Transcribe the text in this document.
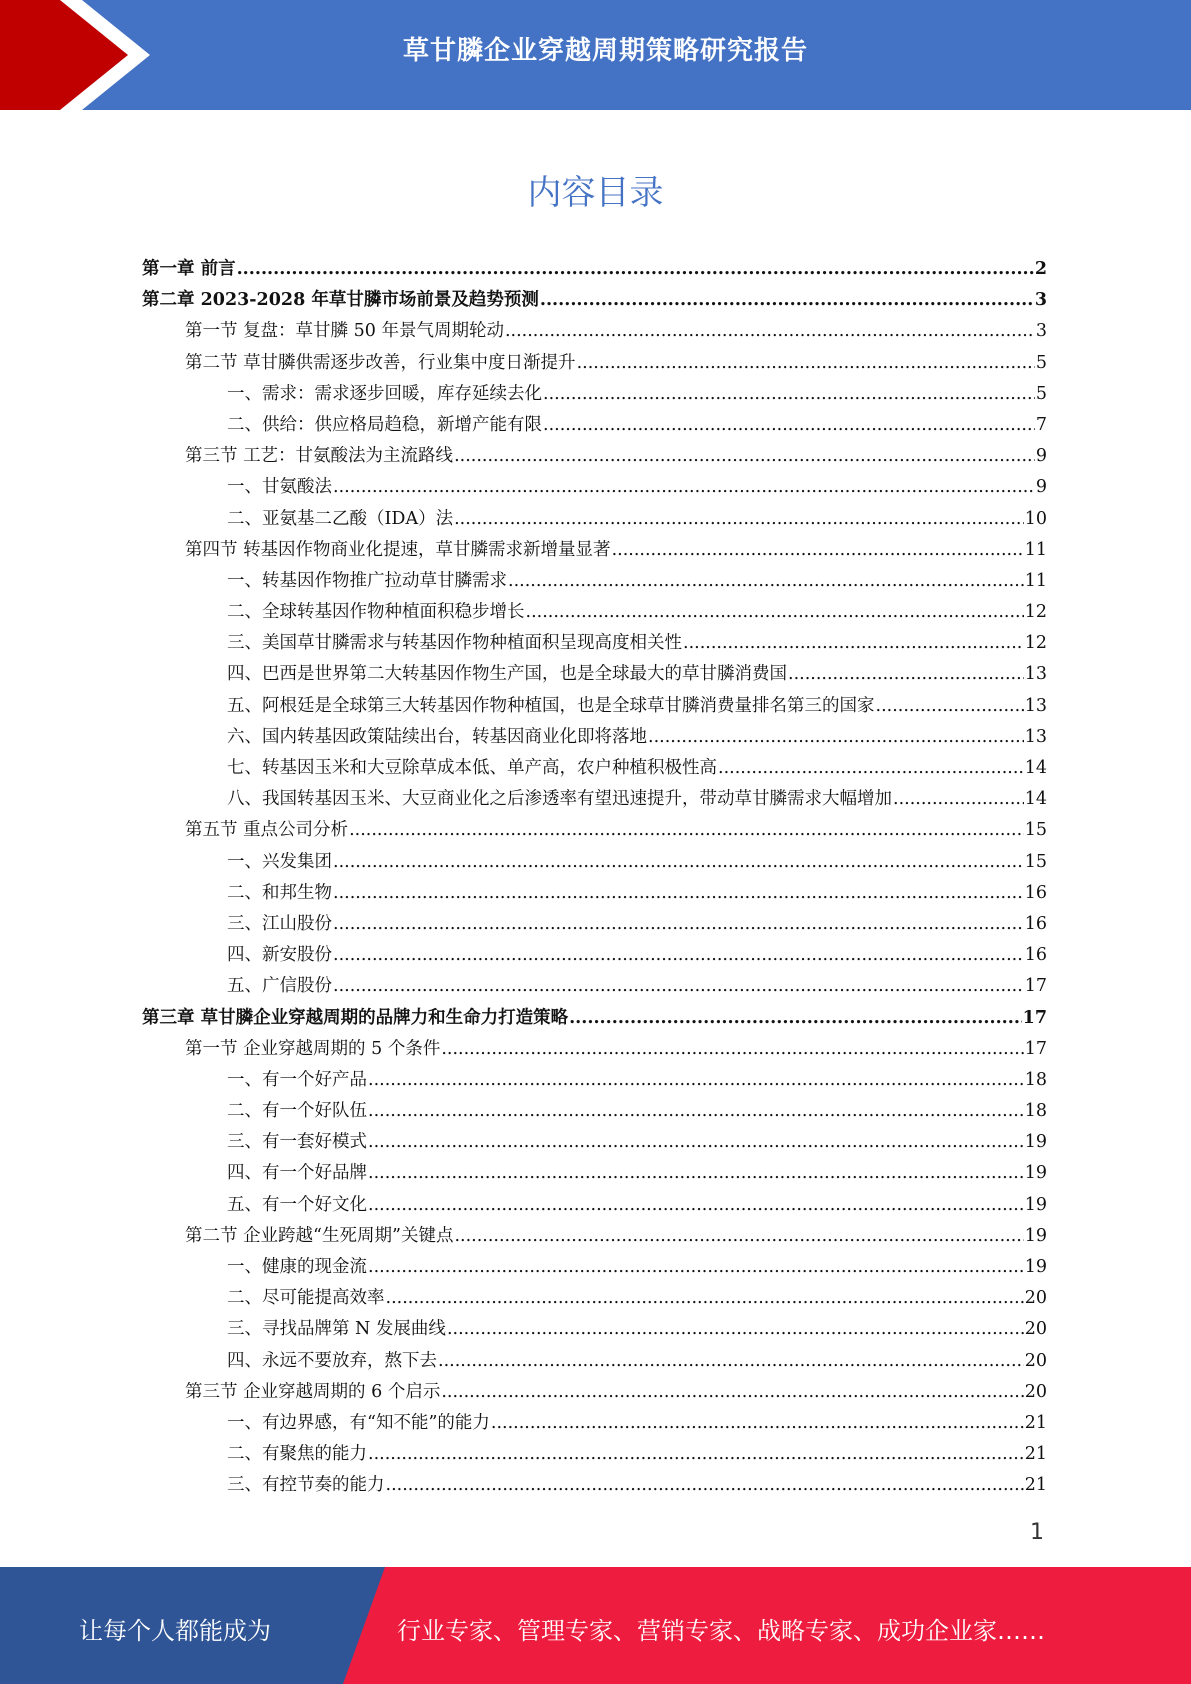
草甘膦企业穿越周期策略研究报告
内容目录
第一章 前言 .....	2
第二章 2023-2028 年草甘膦市场前景及趋势预测 .....	3
第一节 复盘：草甘膦 50 年景气周期轮动 .....	3
第二节 草甘膦供需逐步改善，行业集中度日渐提升 .....	5
一、需求：需求逐步回暖，库存延续去化 .....	5
二、供给：供应格局趋稳，新增产能有限 .....	7
第三节 工艺：甘氨酸法为主流路线 .....	9
一、甘氨酸法 .....	9
二、亚氨基二乙酸（IDA）法 .....	10
第四节 转基因作物商业化提速，草甘膦需求新增量显著 .....	11
一、转基因作物推广拉动草甘膦需求 .....	11
二、全球转基因作物种植面积稳步增长 .....	12
三、美国草甘膦需求与转基因作物种植面积呈现高度相关性 .....	12
四、巴西是世界第二大转基因作物生产国，也是全球最大的草甘膦消费国 .....	13
五、阿根廷是全球第三大转基因作物种植国，也是全球草甘膦消费量排名第三的国家 .....	13
六、国内转基因政策陆续出台，转基因商业化即将落地 .....	13
七、转基因玉米和大豆除草成本低、单产高，农户种植积极性高 .....	14
八、我国转基因玉米、大豆商业化之后渗透率有望迅速提升，带动草甘膦需求大幅增加 .....	14
第五节 重点公司分析 .....	15
一、兴发集团 .....	15
二、和邦生物 .....	16
三、江山股份 .....	16
四、新安股份 .....	16
五、广信股份 .....	17
第三章 草甘膦企业穿越周期的品牌力和生命力打造策略 .....	17
第一节 企业穿越周期的 5 个条件 .....	17
一、有一个好产品 .....	18
二、有一个好队伍 .....	18
三、有一套好模式 .....	19
四、有一个好品牌 .....	19
五、有一个好文化 .....	19
第二节 企业跨越“生死周期”关键点 .....	19
一、健康的现金流 .....	19
二、尽可能提高效率 .....	20
三、寻找品牌第 N 发展曲线 .....	20
四、永远不要放弃，熬下去 .....	20
第三节 企业穿越周期的 6 个启示 .....	20
一、有边界感，有“知不能”的能力 .....	21
二、有聚焦的能力 .....	21
三、有控节奏的能力 .....	21
1
让每个人都能成为	行业专家、管理专家、营销专家、战略专家、成功企业家……
